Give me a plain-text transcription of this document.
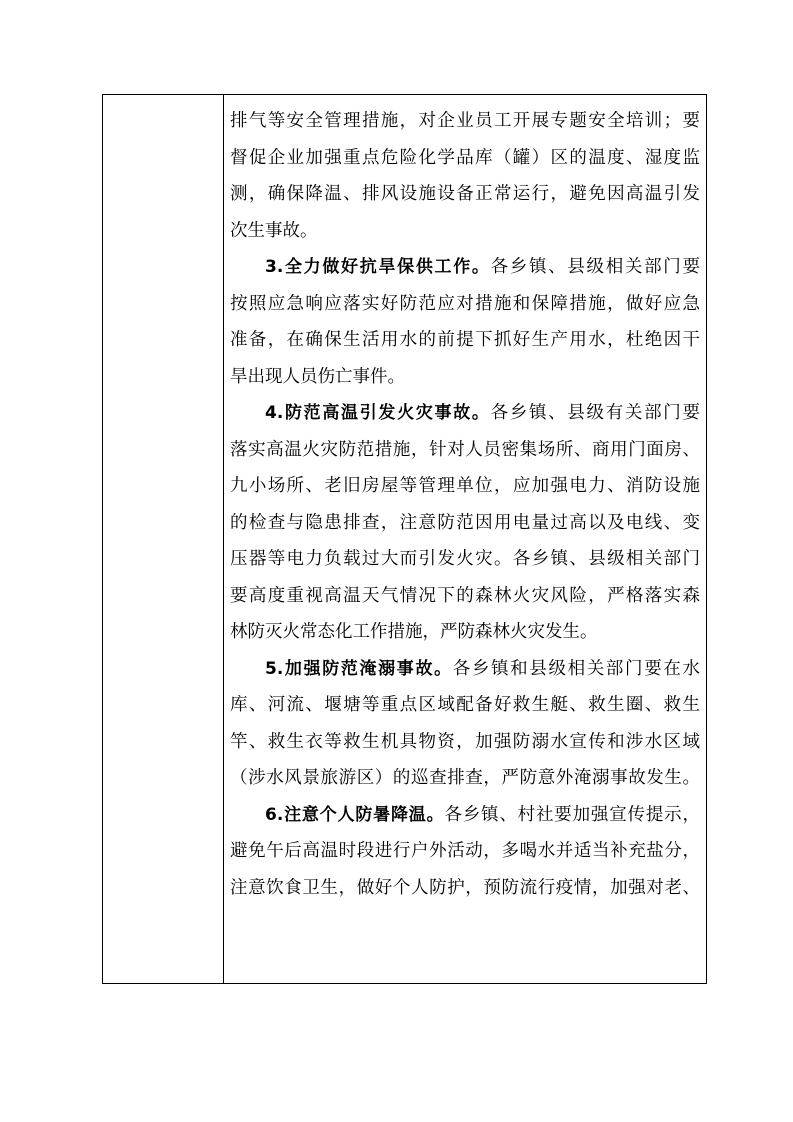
排气等安全管理措施，对企业员工开展专题安全培训；要
督促企业加强重点危险化学品库（罐）区的温度、湿度监
测，确保降温、排风设施设备正常运行，避免因高温引发
次生事故。
3.全力做好抗旱保供工作。各乡镇、县级相关部门要
按照应急响应落实好防范应对措施和保障措施，做好应急
准备，在确保生活用水的前提下抓好生产用水，杜绝因干
旱出现人员伤亡事件。
4.防范高温引发火灾事故。各乡镇、县级有关部门要
落实高温火灾防范措施，针对人员密集场所、商用门面房、
九小场所、老旧房屋等管理单位，应加强电力、消防设施
的检查与隐患排查，注意防范因用电量过高以及电线、变
压器等电力负载过大而引发火灾。各乡镇、县级相关部门
要高度重视高温天气情况下的森林火灾风险，严格落实森
林防灭火常态化工作措施，严防森林火灾发生。
5.加强防范淹溺事故。各乡镇和县级相关部门要在水
库、河流、堰塘等重点区域配备好救生艇、救生圈、救生
竿、救生衣等救生机具物资，加强防溺水宣传和涉水区域
（涉水风景旅游区）的巡查排查，严防意外淹溺事故发生。
6.注意个人防暑降温。各乡镇、村社要加强宣传提示，
避免午后高温时段进行户外活动，多喝水并适当补充盐分，
注意饮食卫生，做好个人防护，预防流行疫情，加强对老、
